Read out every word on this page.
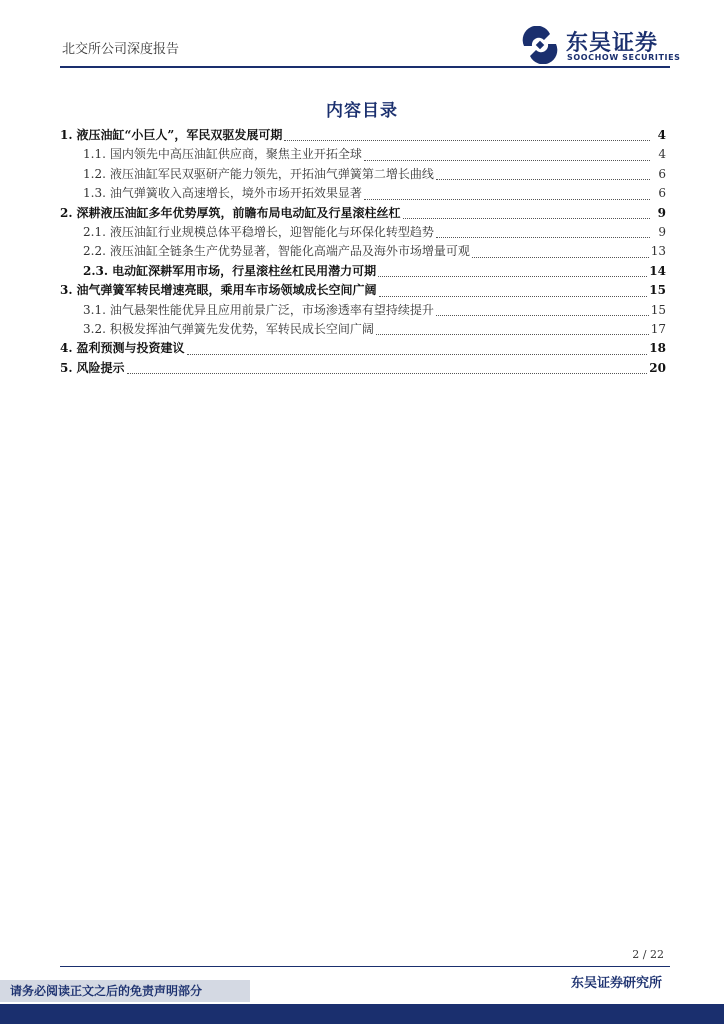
北交所公司深度报告	东吴证券
SOOCHOW SECURITIES
内容目录
1. 液压油缸“小巨人”，军民双驱发展可期	4
1.1. 国内领先中高压油缸供应商，聚焦主业开拓全球	4
1.2. 液压油缸军民双驱研产能力领先，开拓油气弹簧第二增长曲线	6
1.3. 油气弹簧收入高速增长，境外市场开拓效果显著	6
2. 深耕液压油缸多年优势厚筑，前瞻布局电动缸及行星滚柱丝杠	9
2.1. 液压油缸行业规模总体平稳增长，迎智能化与环保化转型趋势	9
2.2. 液压油缸全链条生产优势显著，智能化高端产品及海外市场增量可观	13
2.3. 电动缸深耕军用市场，行星滚柱丝杠民用潜力可期	14
3. 油气弹簧军转民增速亮眼，乘用车市场领域成长空间广阔	15
3.1. 油气悬架性能优异且应用前景广泛，市场渗透率有望持续提升	15
3.2. 积极发挥油气弹簧先发优势，军转民成长空间广阔	17
4. 盈利预测与投资建议	18
5. 风险提示	20
2 / 22
东吴证券研究所
请务必阅读正文之后的免责声明部分
